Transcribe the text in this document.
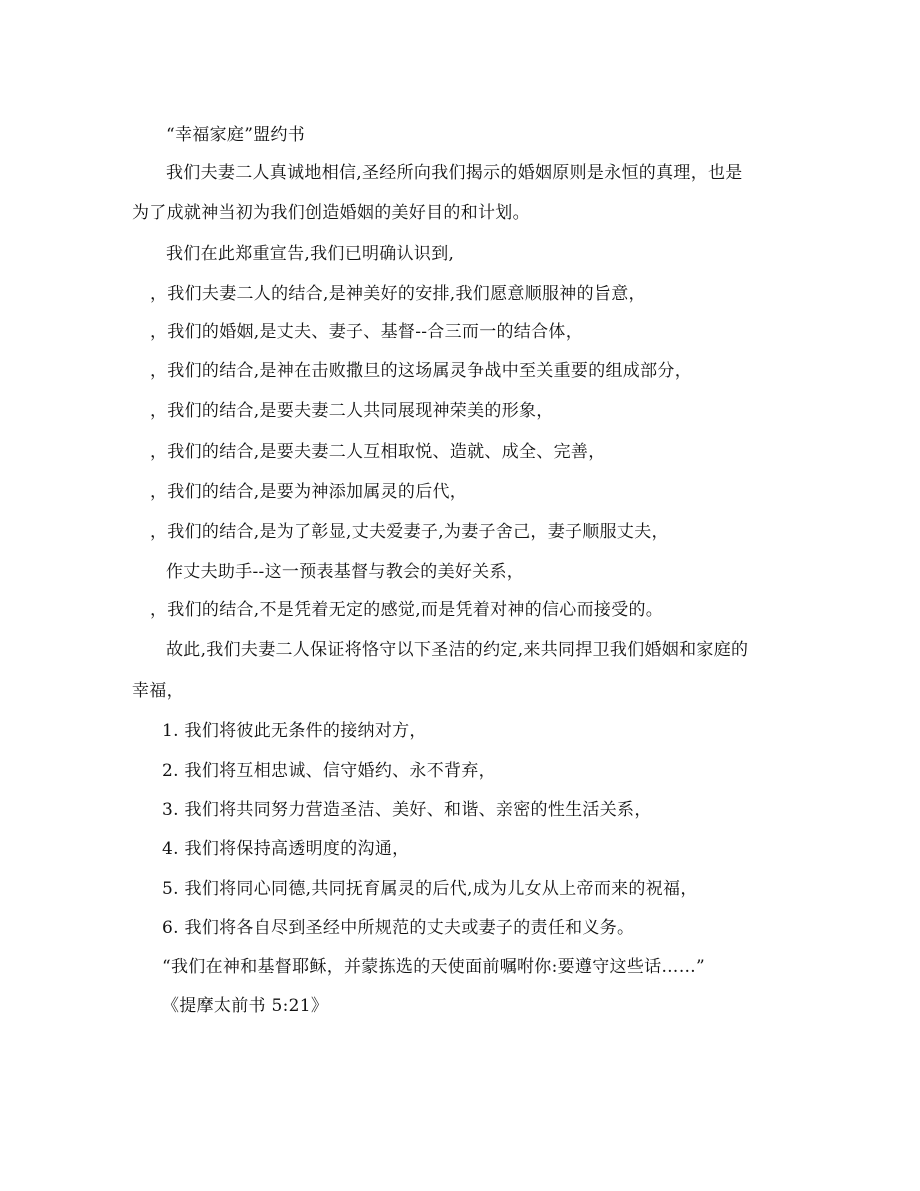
“幸福家庭”盟约书
我们夫妻二人真诚地相信,圣经所向我们揭示的婚姻原则是永恒的真理，也是
为了成就神当初为我们创造婚姻的美好目的和计划。
我们在此郑重宣告,我们已明确认识到,
，我们夫妻二人的结合,是神美好的安排,我们愿意顺服神的旨意，
，我们的婚姻,是丈夫、妻子、基督--合三而一的结合体，
，我们的结合,是神在击败撒旦的这场属灵争战中至关重要的组成部分，
，我们的结合,是要夫妻二人共同展现神荣美的形象，
，我们的结合,是要夫妻二人互相取悦、造就、成全、完善，
，我们的结合,是要为神添加属灵的后代，
，我们的结合,是为了彰显,丈夫爱妻子,为妻子舍己，妻子顺服丈夫，
作丈夫助手--这一预表基督与教会的美好关系，
，我们的结合,不是凭着无定的感觉,而是凭着对神的信心而接受的。
故此,我们夫妻二人保证将恪守以下圣洁的约定,来共同捍卫我们婚姻和家庭的
幸福，
1. 我们将彼此无条件的接纳对方，
2. 我们将互相忠诚、信守婚约、永不背弃，
3. 我们将共同努力营造圣洁、美好、和谐、亲密的性生活关系，
4. 我们将保持高透明度的沟通，
5. 我们将同心同德,共同抚育属灵的后代,成为儿女从上帝而来的祝福，
6. 我们将各自尽到圣经中所规范的丈夫或妻子的责任和义务。
“我们在神和基督耶稣，并蒙拣选的天使面前嘱咐你:要遵守这些话……”
《提摩太前书 5:21》
